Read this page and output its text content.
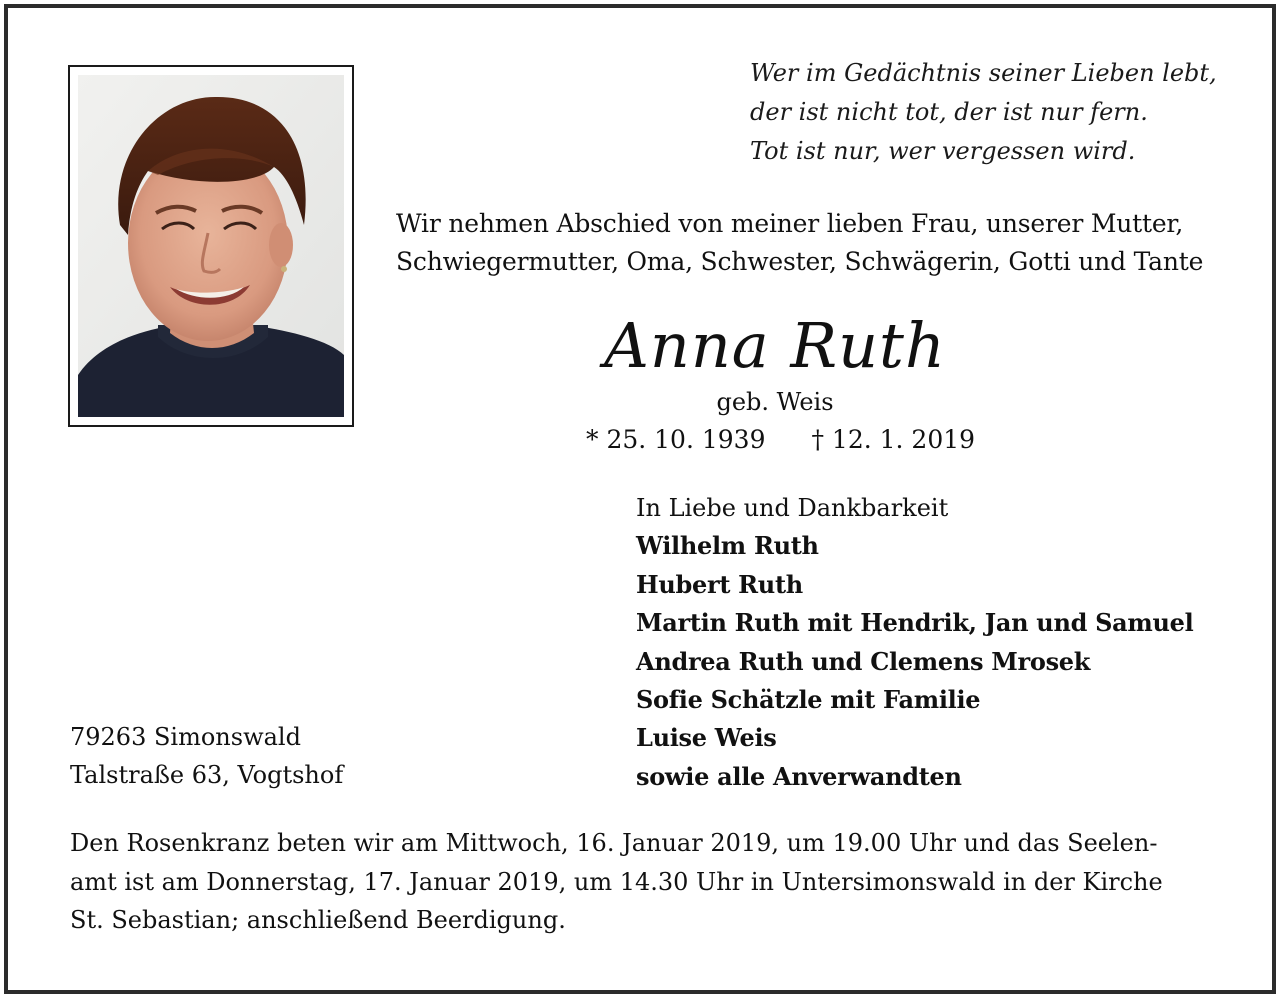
Wer im Gedächtnis seiner Lieben lebt,
der ist nicht tot, der ist nur fern.
Tot ist nur, wer vergessen wird.
Wir nehmen Abschied von meiner lieben Frau, unserer Mutter,
Schwiegermutter, Oma, Schwester, Schwägerin, Gotti und Tante
Anna Ruth
geb. Weis
* 25. 10. 1939 † 12. 1. 2019
In Liebe und Dankbarkeit
Wilhelm Ruth
Hubert Ruth
Martin Ruth mit Hendrik, Jan und Samuel
Andrea Ruth und Clemens Mrosek
Sofie Schätzle mit Familie
Luise Weis
sowie alle Anverwandten
79263 Simonswald
Talstraße 63, Vogtshof
Den Rosenkranz beten wir am Mittwoch, 16. Januar 2019, um 19.00 Uhr und das Seelen-
amt ist am Donnerstag, 17. Januar 2019, um 14.30 Uhr in Untersimonswald in der Kirche
St. Sebastian; anschließend Beerdigung.
